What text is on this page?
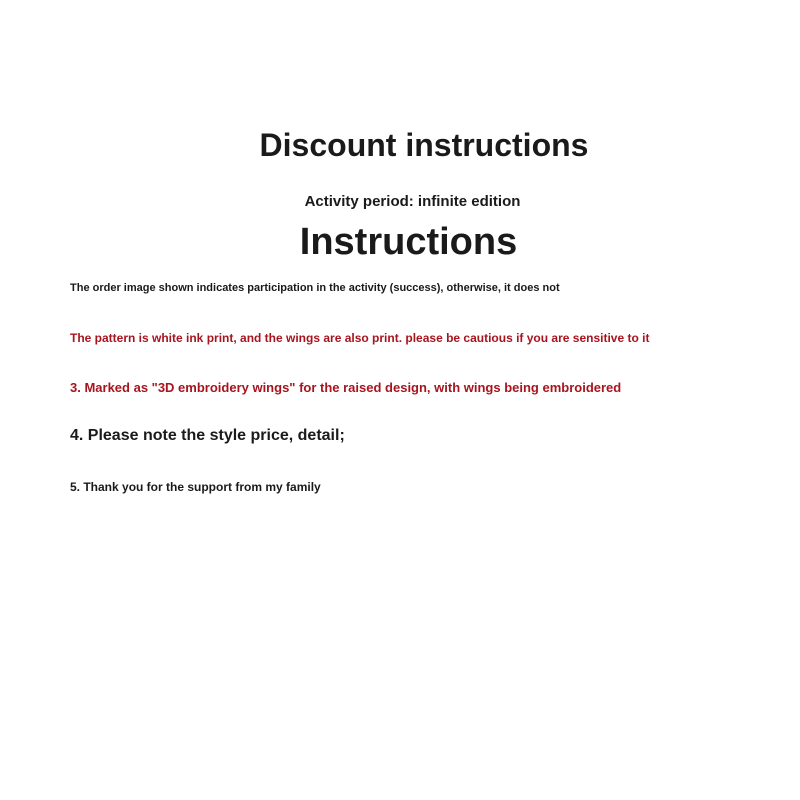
Discount instructions
Activity period: infinite edition
Instructions
The order image shown indicates participation in the activity (success), otherwise, it does not
The pattern is white ink print, and the wings are also print. please be cautious if you are sensitive to it
3. Marked as "3D embroidery wings" for the raised design, with wings being embroidered
4. Please note the style price, detail;
5. Thank you for the support from my family
